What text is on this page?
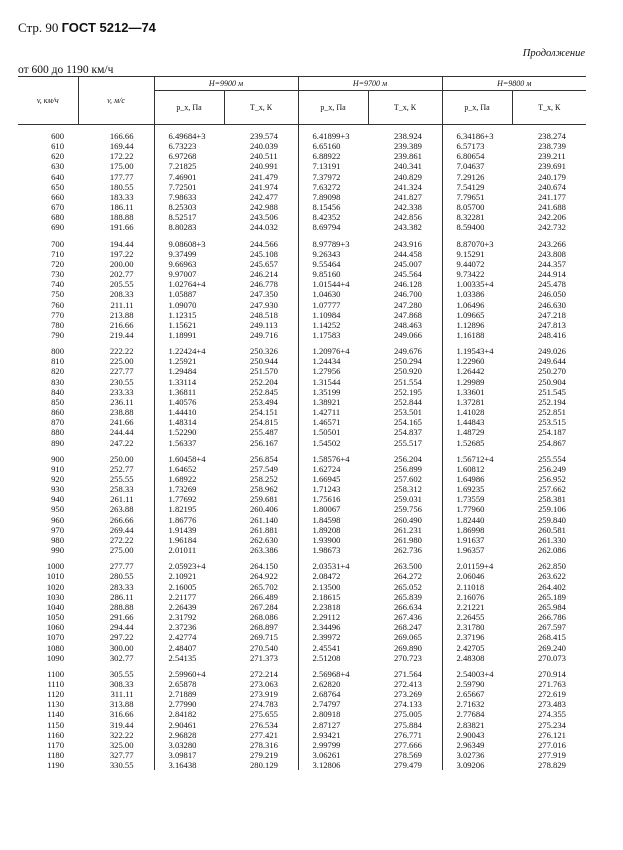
Стр. 90 ГОСТ 5212—74
Продолжение
от 600 до 1190 км/ч
v, км/ч	v, м/с	H=9900 м		H=9700 м		H=9800 м	
		p_x, Па	T_x, К	p_x, Па	T_x, К	p_x, Па	T_x, К

600	166.66	6.49684+3	239.574	6.41899+3	238.924	6.34186+3	238.274
610	169.44	6.73223	240.039	6.65160	239.389	6.57173	238.739
620	172.22	6.97268	240.511	6.88922	239.861	6.80654	239.211
630	175.00	7.21825	240.991	7.13191	240.341	7.04637	239.691
640	177.77	7.46901	241.479	7.37972	240.829	7.29126	240.179
650	180.55	7.72501	241.974	7.63272	241.324	7.54129	240.674
660	183.33	7.98633	242.477	7.89098	241.827	7.79651	241.177
670	186.11	8.25303	242.988	8.15456	242.338	8.05700	241.688
680	188.88	8.52517	243.506	8.42352	242.856	8.32281	242.206
690	191.66	8.80283	244.032	8.69794	243.382	8.59400	242.732

700	194.44	9.08608+3	244.566	8.97789+3	243.916	8.87070+3	243.266
710	197.22	9.37499	245.108	9.26343	244.458	9.15291	243.808
720	200.00	9.66963	245.657	9.55464	245.007	9.44072	244.357
730	202.77	9.97007	246.214	9.85160	245.564	9.73422	244.914
740	205.55	1.02764+4	246.778	1.01544+4	246.128	1.00335+4	245.478
750	208.33	1.05887	247.350	1.04630	246.700	1.03386	246.050
760	211.11	1.09070	247.930	1.07777	247.280	1.06496	246.630
770	213.88	1.12315	248.518	1.10984	247.868	1.09665	247.218
780	216.66	1.15621	249.113	1.14252	248.463	1.12896	247.813
790	219.44	1.18991	249.716	1.17583	249.066	1.16188	248.416

800	222.22	1.22424+4	250.326	1.20976+4	249.676	1.19543+4	249.026
810	225.00	1.25921	250.944	1.24434	250.294	1.22960	249.644
820	227.77	1.29484	251.570	1.27956	250.920	1.26442	250.270
830	230.55	1.33114	252.204	1.31544	251.554	1.29989	250.904
840	233.33	1.36811	252.845	1.35199	252.195	1.33601	251.545
850	236.11	1.40576	253.494	1.38921	252.844	1.37281	252.194
860	238.88	1.44410	254.151	1.42711	253.501	1.41028	252.851
870	241.66	1.48314	254.815	1.46571	254.165	1.44843	253.515
880	244.44	1.52290	255.487	1.50501	254.837	1.48729	254.187
890	247.22	1.56337	256.167	1.54502	255.517	1.52685	254.867

900	250.00	1.60458+4	256.854	1.58576+4	256.204	1.56712+4	255.554
910	252.77	1.64652	257.549	1.62724	256.899	1.60812	256.249
920	255.55	1.68922	258.252	1.66945	257.602	1.64986	256.952
930	258.33	1.73269	258.962	1.71243	258.312	1.69235	257.662
940	261.11	1.77692	259.681	1.75616	259.031	1.73559	258.381
950	263.88	1.82195	260.406	1.80067	259.756	1.77960	259.106
960	266.66	1.86776	261.140	1.84598	260.490	1.82440	259.840
970	269.44	1.91439	261.881	1.89208	261.231	1.86998	260.581
980	272.22	1.96184	262.630	1.93900	261.980	1.91637	261.330
990	275.00	2.01011	263.386	1.98673	262.736	1.96357	262.086

1000	277.77	2.05923+4	264.150	2.03531+4	263.500	2.01159+4	262.850
1010	280.55	2.10921	264.922	2.08472	264.272	2.06046	263.622
1020	283.33	2.16005	265.702	2.13500	265.052	2.11018	264.402
1030	286.11	2.21177	266.489	2.18615	265.839	2.16076	265.189
1040	288.88	2.26439	267.284	2.23818	266.634	2.21221	265.984
1050	291.66	2.31792	268.086	2.29112	267.436	2.26455	266.786
1060	294.44	2.37236	268.897	2.34496	268.247	2.31780	267.597
1070	297.22	2.42774	269.715	2.39972	269.065	2.37196	268.415
1080	300.00	2.48407	270.540	2.45541	269.890	2.42705	269.240
1090	302.77	2.54135	271.373	2.51208	270.723	2.48308	270.073

1100	305.55	2.59960+4	272.214	2.56968+4	271.564	2.54003+4	270.914
1110	308.33	2.65878	273.063	2.62820	272.413	2.59790	271.763
1120	311.11	2.71889	273.919	2.68764	273.269	2.65667	272.619
1130	313.88	2.77990	274.783	2.74797	274.133	2.71632	273.483
1140	316.66	2.84182	275.655	2.80918	275.005	2.77684	274.355
1150	319.44	2.90461	276.534	2.87127	275.884	2.83821	275.234
1160	322.22	2.96828	277.421	2.93421	276.771	2.90043	276.121
1170	325.00	3.03280	278.316	2.99799	277.666	2.96349	277.016
1180	327.77	3.09817	279.219	3.06261	278.569	3.02736	277.919
1190	330.55	3.16438	280.129	3.12806	279.479	3.09206	278.829
